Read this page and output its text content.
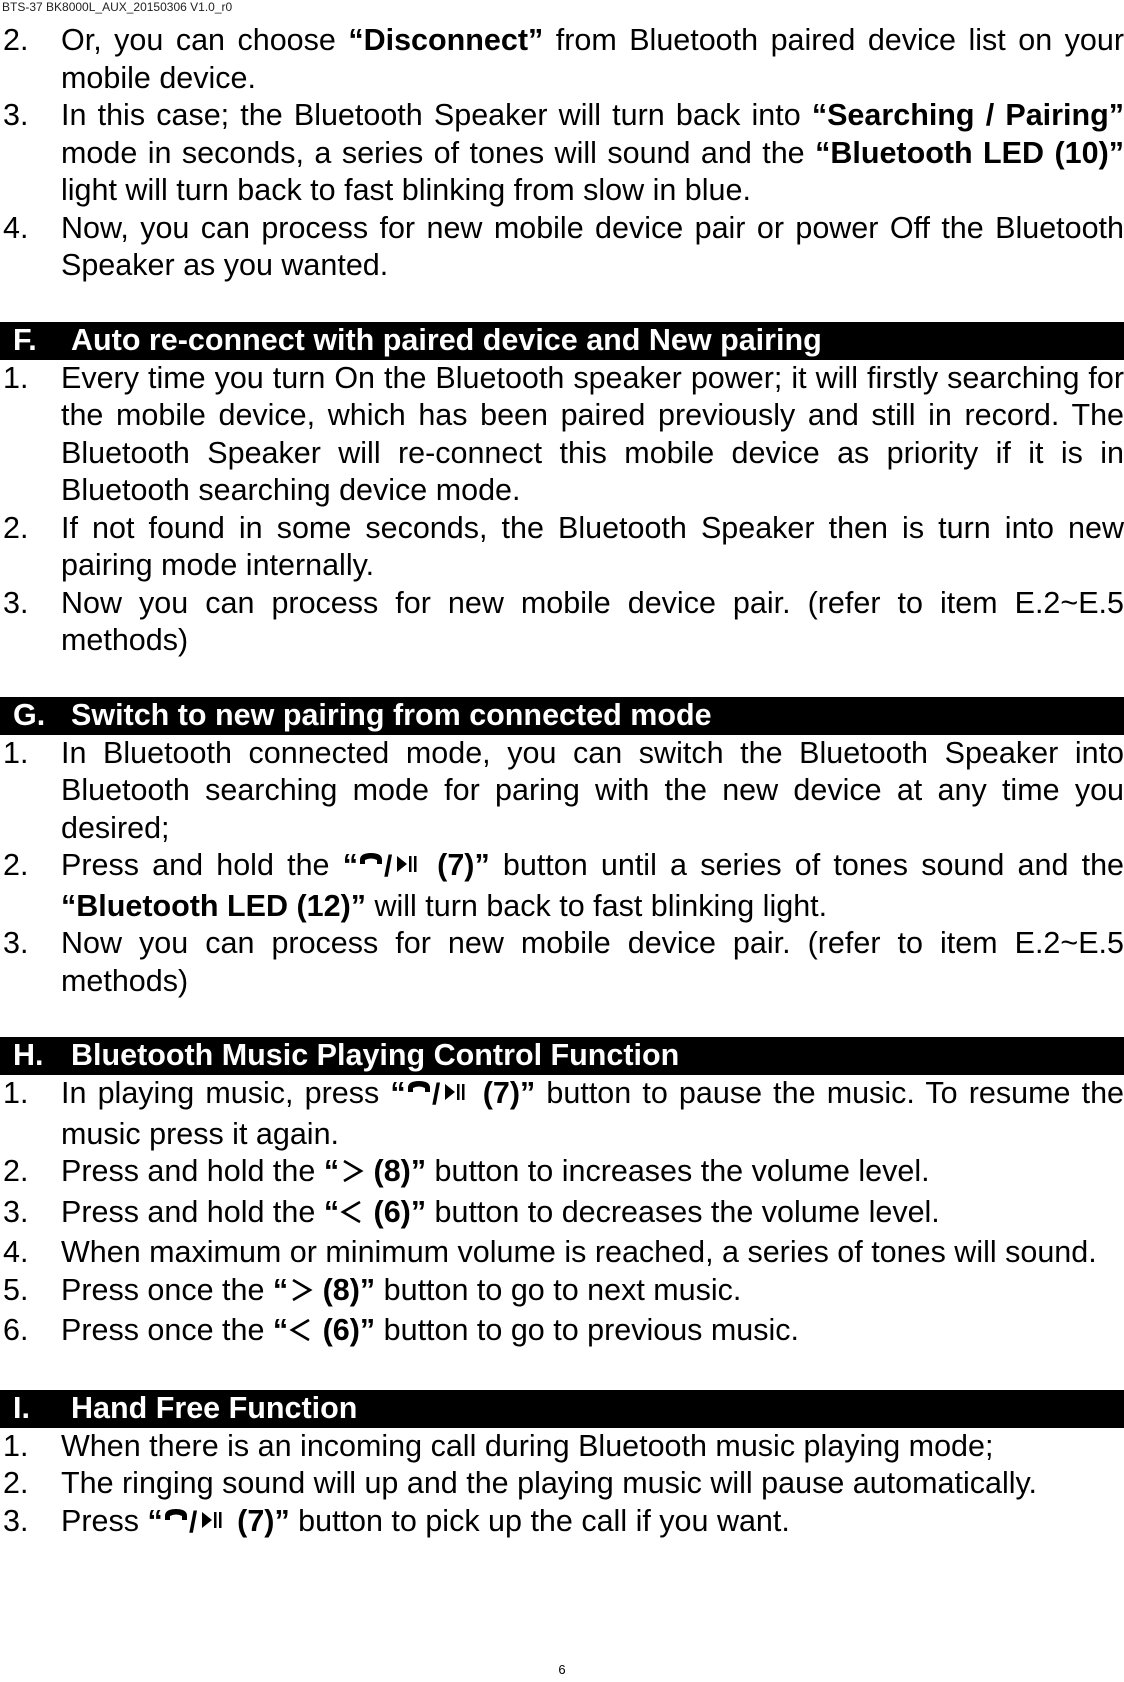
BTS-37 BK8000L_AUX_20150306 V1.0_r0
2.	Or, you can choose “Disconnect” from Bluetooth paired device list on your mobile device.
3.	In this case; the Bluetooth Speaker will turn back into “Searching / Pairing” mode in seconds, a series of tones will sound and the “Bluetooth LED (10)” light will turn back to fast blinking from slow in blue.
4.	Now, you can process for new mobile device pair or power Off the Bluetooth Speaker as you wanted.
F. Auto re-connect with paired device and New pairing
1.	Every time you turn On the Bluetooth speaker power; it will firstly searching for the mobile device, which has been paired previously and still in record. The Bluetooth Speaker will re-connect this mobile device as priority if it is in Bluetooth searching device mode.
2.	If not found in some seconds, the Bluetooth Speaker then is turn into new pairing mode internally.
3.	Now you can process for new mobile device pair. (refer to item E.2~E.5 methods)
G. Switch to new pairing from connected mode
1.	In Bluetooth connected mode, you can switch the Bluetooth Speaker into Bluetooth searching mode for paring with the new device at any time you desired;
2.	Press and hold the “ / (7)” button until a series of tones sound and the “Bluetooth LED (12)” will turn back to fast blinking light.
3.	Now you can process for new mobile device pair. (refer to item E.2~E.5 methods)
H. Bluetooth Music Playing Control Function
1.	In playing music, press “ / (7)” button to pause the music. To resume the music press it again.
2.	Press and hold the “ (8)” button to increases the volume level.
3.	Press and hold the “ (6)” button to decreases the volume level.
4.	When maximum or minimum volume is reached, a series of tones will sound.
5.	Press once the “ (8)” button to go to next music.
6.	Press once the “ (6)” button to go to previous music.
I. Hand Free Function
1.	When there is an incoming call during Bluetooth music playing mode;
2.	The ringing sound will up and the playing music will pause automatically.
3.	Press “ / (7)” button to pick up the call if you want.
6
